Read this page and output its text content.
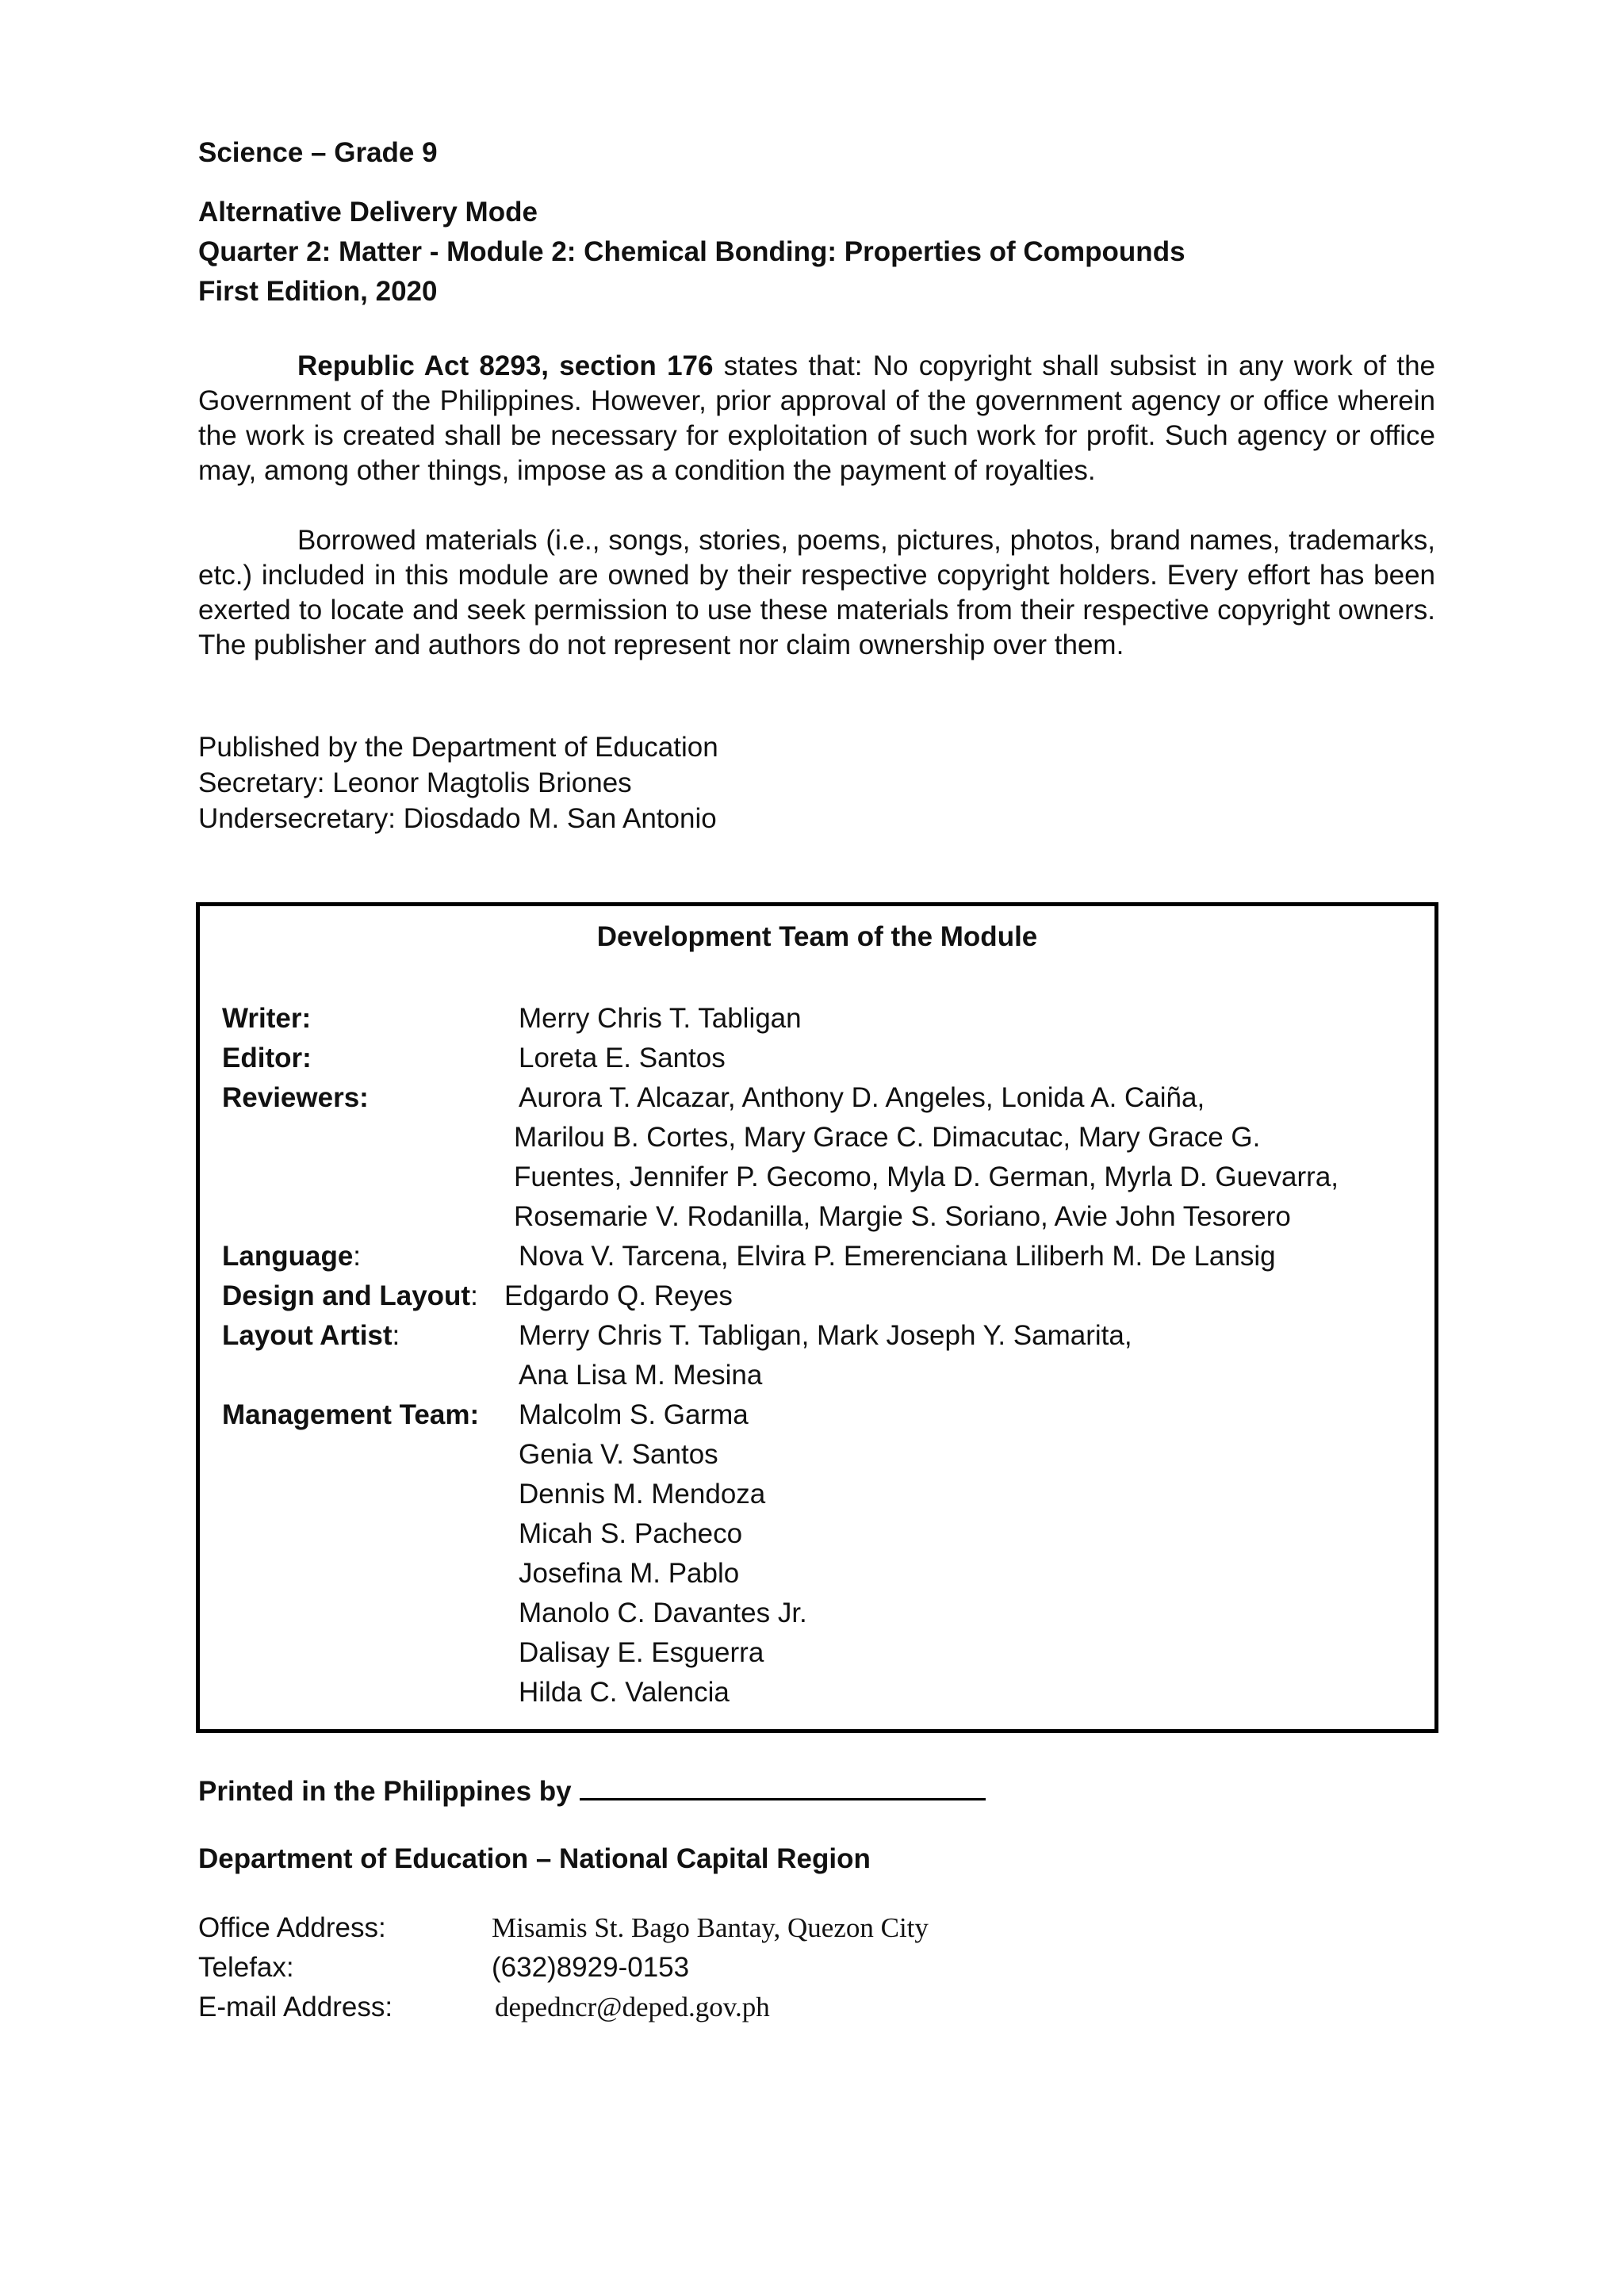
Science – Grade 9
Alternative Delivery Mode
Quarter 2: Matter - Module 2: Chemical Bonding: Properties of Compounds
First Edition, 2020

Republic Act 8293, section 176 states that: No copyright shall subsist in any work of the Government of the Philippines. However, prior approval of the government agency or office wherein the work is created shall be necessary for exploitation of such work for profit. Such agency or office may, among other things, impose as a condition the payment of royalties.

Borrowed materials (i.e., songs, stories, poems, pictures, photos, brand names, trademarks, etc.) included in this module are owned by their respective copyright holders. Every effort has been exerted to locate and seek permission to use these materials from their respective copyright owners. The publisher and authors do not represent nor claim ownership over them.

Published by the Department of Education
Secretary: Leonor Magtolis Briones
Undersecretary: Diosdado M. San Antonio
Development Team of the Module
Writer:	Merry Chris T. Tabligan
Editor:	Loreta E. Santos
Reviewers:	Aurora T. Alcazar, Anthony D. Angeles, Lonida A. Caiña,
Marilou B. Cortes, Mary Grace C. Dimacutac, Mary Grace G.
Fuentes, Jennifer P. Gecomo, Myla D. German, Myrla D. Guevarra,
Rosemarie V. Rodanilla, Margie S. Soriano, Avie John Tesorero
Language:	Nova V. Tarcena, Elvira P. Emerenciana Liliberh M. De Lansig
Design and Layout: Edgardo Q. Reyes
Layout Artist:	Merry Chris T. Tabligan, Mark Joseph Y. Samarita,
Ana Lisa M. Mesina
Management Team: Malcolm S. Garma
Genia V. Santos
Dennis M. Mendoza
Micah S. Pacheco
Josefina M. Pablo
Manolo C. Davantes Jr.
Dalisay E. Esguerra
Hilda C. Valencia
Printed in the Philippines by
Department of Education – National Capital Region
Office Address:	Misamis St. Bago Bantay, Quezon City
Telefax:	(632)8929-0153
E-mail Address:	depedncr@deped.gov.ph
